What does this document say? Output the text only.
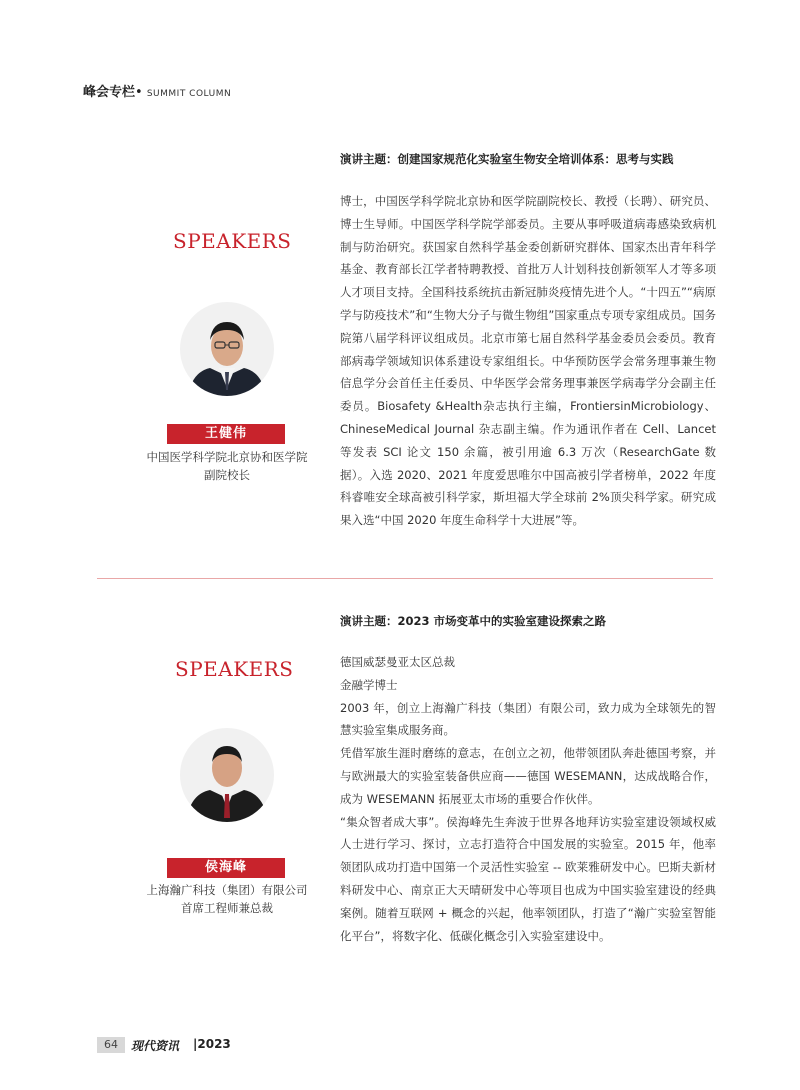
峰会专栏• SUMMIT COLUMN
演讲主题：创建国家规范化实验室生物安全培训体系：思考与实践
SPEAKERS
王健伟
中国医学科学院北京协和医学院
副院校长

博士，中国医学科学院北京协和医学院副院校长、教授（长聘）、研究员、博士生导师。中国医学科学院学部委员。主要从事呼吸道病毒感染致病机制与防治研究。获国家自然科学基金委创新研究群体、国家杰出青年科学基金、教育部长江学者特聘教授、首批万人计划科技创新领军人才等多项人才项目支持。全国科技系统抗击新冠肺炎疫情先进个人。“十四五”“病原学与防疫技术”和“生物大分子与微生物组”国家重点专项专家组成员。国务院第八届学科评议组成员。北京市第七届自然科学基金委员会委员。教育部病毒学领域知识体系建设专家组组长。中华预防医学会常务理事兼生物信息学分会首任主任委员、中华医学会常务理事兼医学病毒学分会副主任委员。Biosafety &Health杂志执行主编，FrontiersinMicrobiology、ChineseMedical Journal 杂志副主编。作为通讯作者在 Cell、Lancet 等发表 SCI 论文 150 余篇，被引用逾 6.3 万次（ResearchGate 数据）。入选 2020、2021 年度爱思唯尔中国高被引学者榜单，2022 年度科睿唯安全球高被引科学家，斯坦福大学全球前 2%顶尖科学家。研究成果入选“中国 2020 年度生命科学十大进展”等。

演讲主题：2023 市场变革中的实验室建设探索之路
SPEAKERS
侯海峰
上海瀚广科技（集团）有限公司
首席工程师兼总裁

德国威瑟曼亚太区总裁

金融学博士

2003 年，创立上海瀚广科技（集团）有限公司，致力成为全球领先的智慧实验室集成服务商。

凭借军旅生涯时磨练的意志，在创立之初，他带领团队奔赴德国考察，并与欧洲最大的实验室装备供应商——德国 WESEMANN，达成战略合作，成为 WESEMANN 拓展亚太市场的重要合作伙伴。

“集众智者成大事”。侯海峰先生奔波于世界各地拜访实验室建设领域权威人士进行学习、探讨，立志打造符合中国发展的实验室。2015 年，他率领团队成功打造中国第一个灵活性实验室 -- 欧莱雅研发中心。巴斯夫新材料研发中心、南京正大天晴研发中心等项目也成为中国实验室建设的经典案例。随着互联网 + 概念的兴起，他率领团队，打造了“瀚广实验室智能化平台”，将数字化、低碳化概念引入实验室建设中。

64	现代资讯 |2023
